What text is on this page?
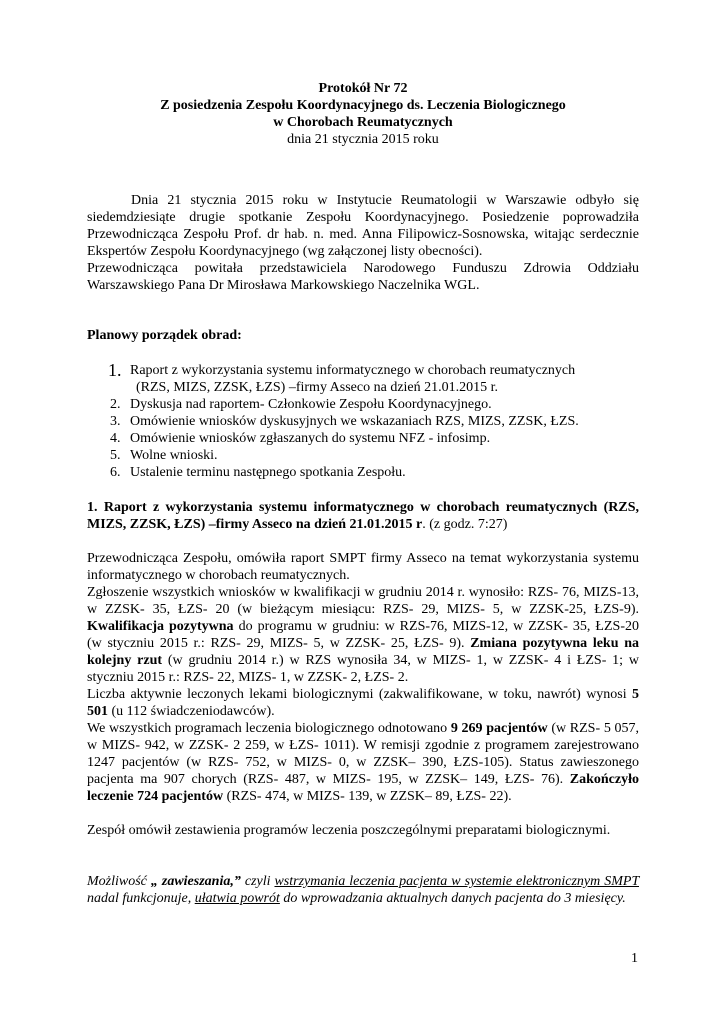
Protokół Nr 72
Z posiedzenia Zespołu Koordynacyjnego ds. Leczenia Biologicznego
w Chorobach Reumatycznych
dnia 21 stycznia 2015 roku

Dnia 21 stycznia 2015 roku w Instytucie Reumatologii w Warszawie odbyło się siedemdziesiąte drugie spotkanie Zespołu Koordynacyjnego. Posiedzenie poprowadziła Przewodnicząca Zespołu Prof. dr hab. n. med. Anna Filipowicz-Sosnowska, witając serdecznie Ekspertów Zespołu Koordynacyjnego (wg załączonej listy obecności).

Przewodnicząca powitała przedstawiciela Narodowego Funduszu Zdrowia Oddziału Warszawskiego Pana Dr Mirosława Markowskiego Naczelnika WGL.

Planowy porządek obrad:

1. Raport z wykorzystania systemu informatycznego w chorobach reumatycznych
(RZS, MIZS, ZZSK, ŁZS) –firmy Asseco na dzień 21.01.2015 r.
2. Dyskusja nad raportem- Członkowie Zespołu Koordynacyjnego.
3. Omówienie wniosków dyskusyjnych we wskazaniach RZS, MIZS, ZZSK, ŁZS.
4. Omówienie wniosków zgłaszanych do systemu NFZ - infosimp.
5. Wolne wnioski.
6. Ustalenie terminu następnego spotkania Zespołu.

1. Raport z wykorzystania systemu informatycznego w chorobach reumatycznych (RZS, MIZS, ZZSK, ŁZS) –firmy Asseco na dzień 21.01.2015 r. (z godz. 7:27)

Przewodnicząca Zespołu, omówiła raport SMPT firmy Asseco na temat wykorzystania systemu informatycznego w chorobach reumatycznych.

Zgłoszenie wszystkich wniosków w kwalifikacji w grudniu 2014 r. wynosiło: RZS- 76, MIZS-13, w ZZSK- 35, ŁZS- 20 (w bieżącym miesiącu: RZS- 29, MIZS- 5, w ZZSK-25, ŁZS-9). Kwalifikacja pozytywna do programu w grudniu: w RZS-76, MIZS-12, w ZZSK- 35, ŁZS-20 (w styczniu 2015 r.: RZS- 29, MIZS- 5, w ZZSK- 25, ŁZS- 9). Zmiana pozytywna leku na kolejny rzut (w grudniu 2014 r.) w RZS wynosiła 34, w MIZS- 1, w ZZSK- 4 i ŁZS- 1; w styczniu 2015 r.: RZS- 22, MIZS- 1, w ZZSK- 2, ŁZS- 2.

Liczba aktywnie leczonych lekami biologicznymi (zakwalifikowane, w toku, nawrót) wynosi 5 501 (u 112 świadczeniodawców).

We wszystkich programach leczenia biologicznego odnotowano 9 269 pacjentów (w RZS- 5 057, w MIZS- 942, w ZZSK- 2 259, w ŁZS- 1011). W remisji zgodnie z programem zarejestrowano 1247 pacjentów (w RZS- 752, w MIZS- 0, w ZZSK– 390, ŁZS-105). Status zawieszonego pacjenta ma 907 chorych (RZS- 487, w MIZS- 195, w ZZSK– 149, ŁZS- 76). Zakończyło leczenie 724 pacjentów (RZS- 474, w MIZS- 139, w ZZSK– 89, ŁZS- 22).

Zespół omówił zestawienia programów leczenia poszczególnymi preparatami biologicznymi.

Możliwość „ zawieszania,” czyli wstrzymania leczenia pacjenta w systemie elektronicznym SMPT nadal funkcjonuje, ułatwia powrót do wprowadzania aktualnych danych pacjenta do 3 miesięcy.

1
